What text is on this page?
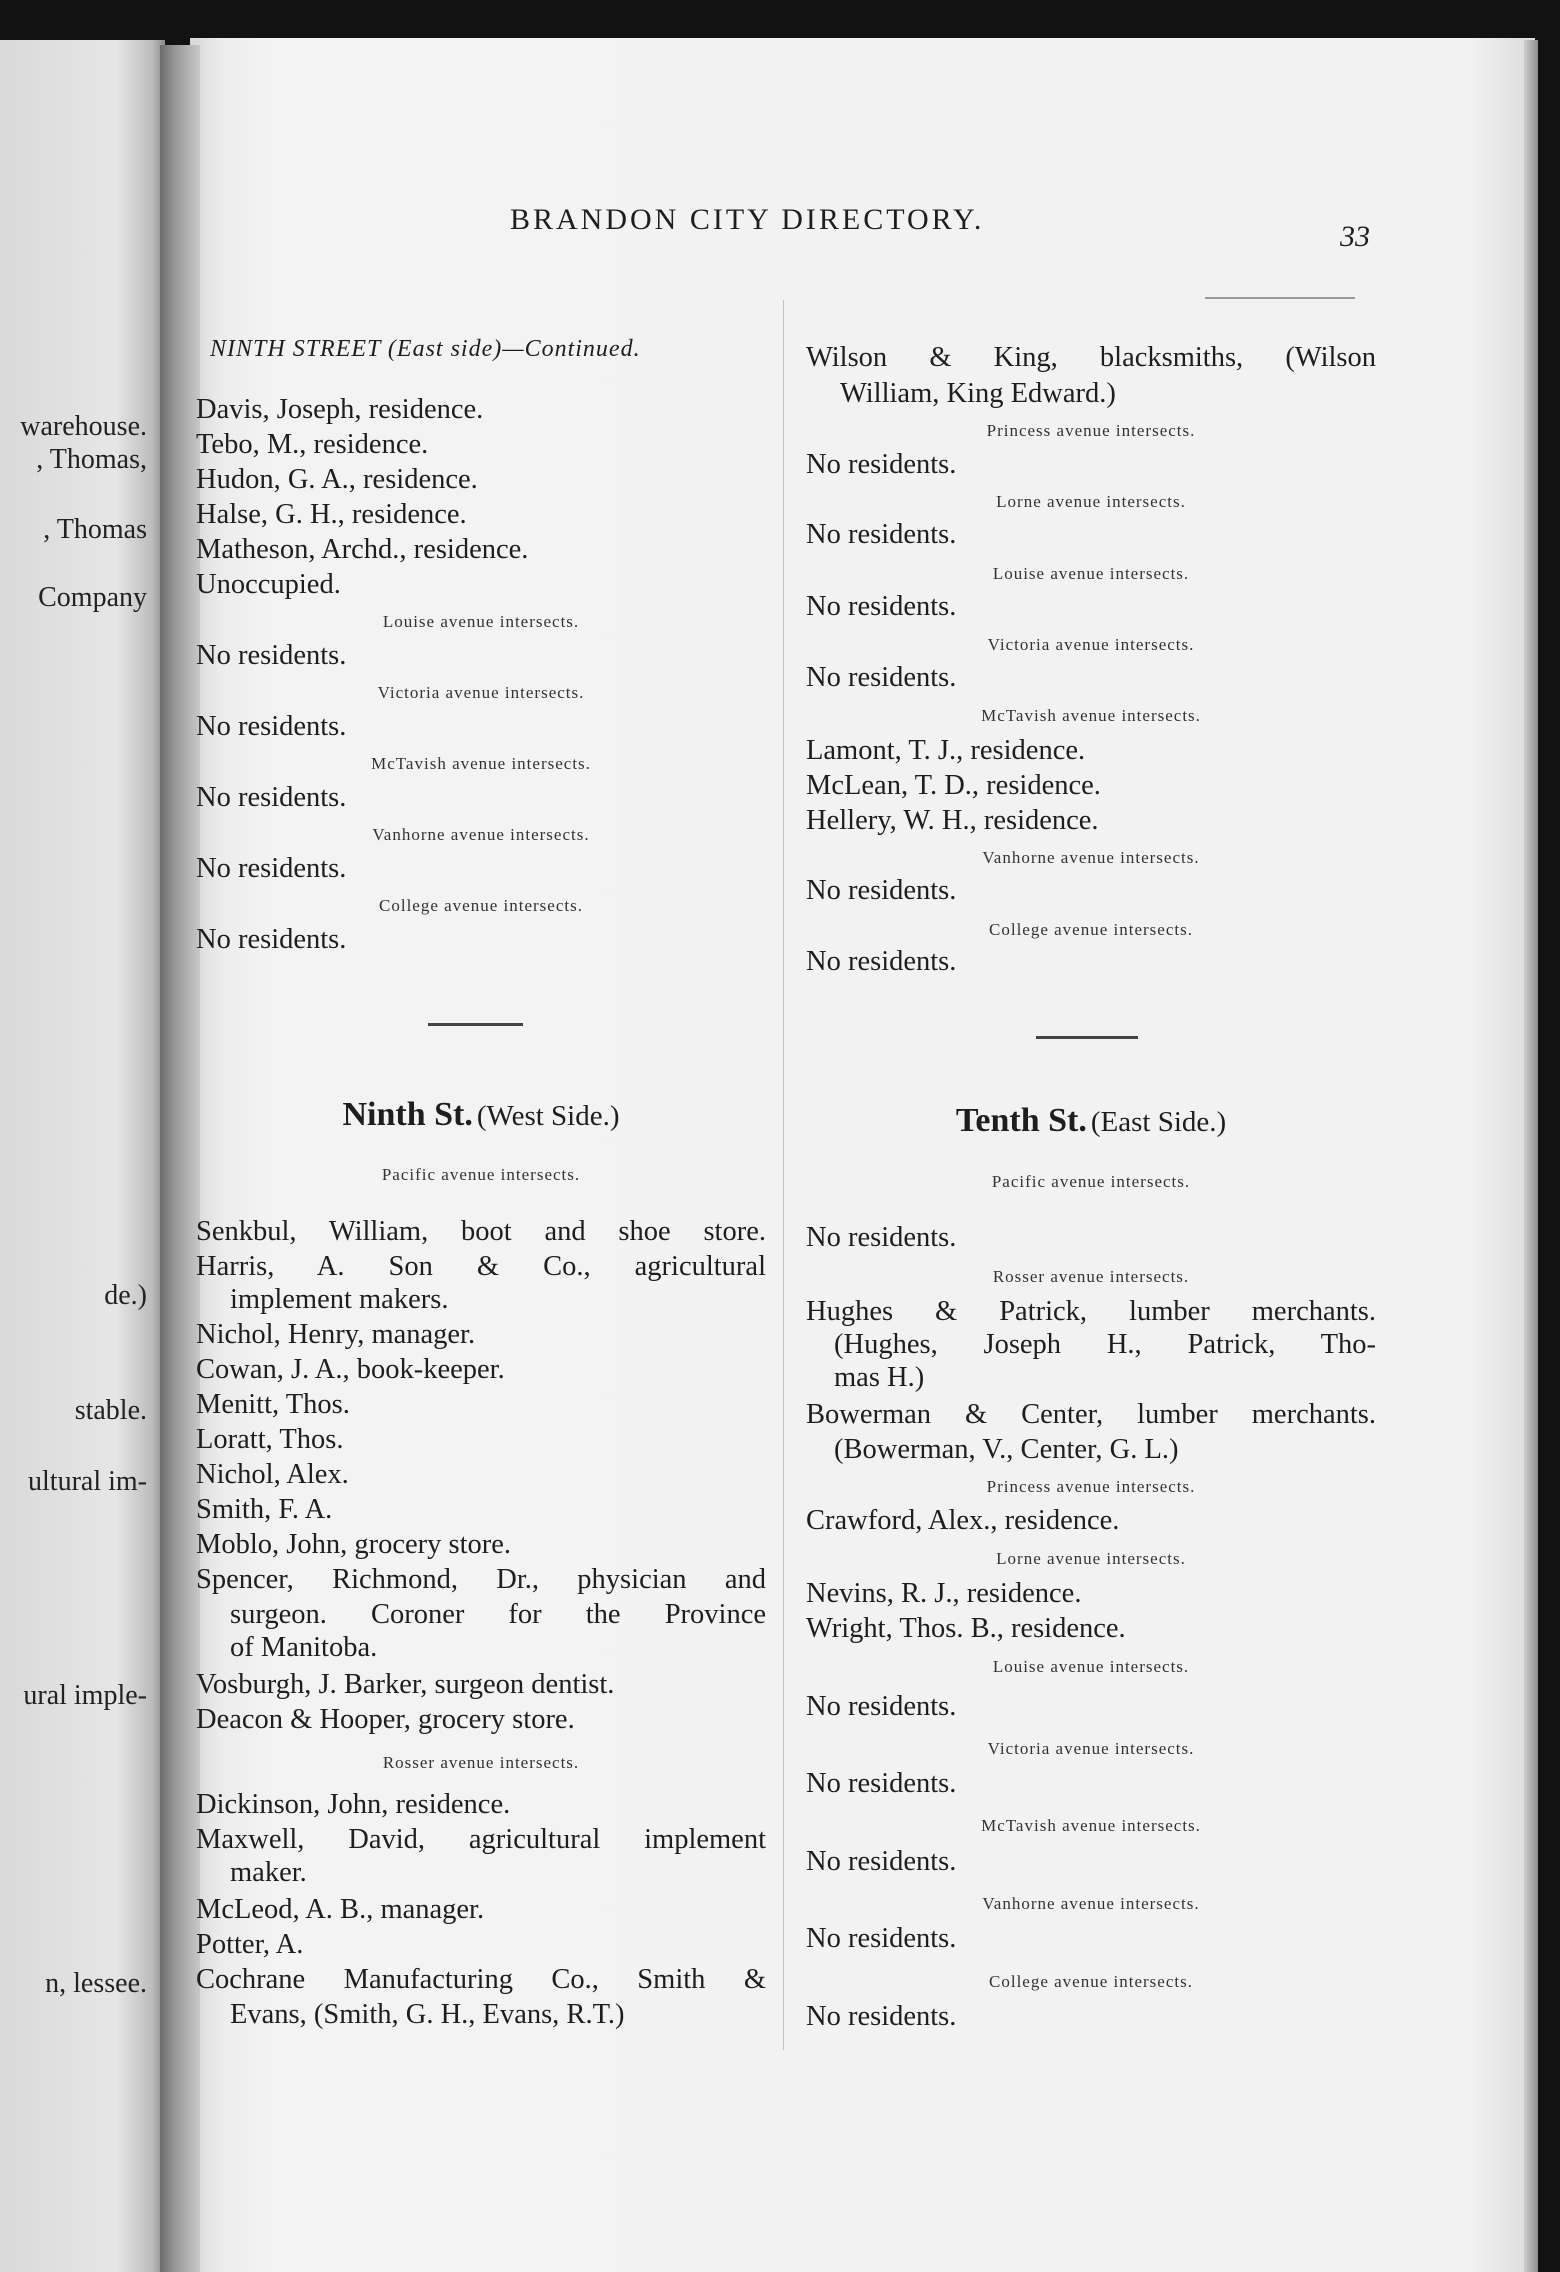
warehouse.
, Thomas,
, Thomas
Company
de.)
stable.
ultural im-
ural imple-
n, lessee.
BRANDON CITY DIRECTORY.
33
NINTH STREET (East side)—Continued.
Davis, Joseph, residence.
Tebo, M., residence.
Hudon, G. A., residence.
Halse, G. H., residence.
Matheson, Archd., residence.
Unoccupied.
Louise avenue intersects.
No residents.
Victoria avenue intersects.
No residents.
McTavish avenue intersects.
No residents.
Vanhorne avenue intersects.
No residents.
College avenue intersects.
No residents.
Ninth St. (West Side.)
Pacific avenue intersects.
Senkbul, William, boot and shoe store.
Harris, A. Son & Co., agricultural
implement makers.
Nichol, Henry, manager.
Cowan, J. A., book-keeper.
Menitt, Thos.
Loratt, Thos.
Nichol, Alex.
Smith, F. A.
Moblo, John, grocery store.
Spencer, Richmond, Dr., physician and
surgeon. Coroner for the Province
of Manitoba.
Vosburgh, J. Barker, surgeon dentist.
Deacon & Hooper, grocery store.
Rosser avenue intersects.
Dickinson, John, residence.
Maxwell, David, agricultural implement
maker.
McLeod, A. B., manager.
Potter, A.
Cochrane Manufacturing Co., Smith &
Evans, (Smith, G. H., Evans, R.T.)
Wilson & King, blacksmiths, (Wilson
William, King Edward.)
Princess avenue intersects.
No residents.
Lorne avenue intersects.
No residents.
Louise avenue intersects.
No residents.
Victoria avenue intersects.
No residents.
McTavish avenue intersects.
Lamont, T. J., residence.
McLean, T. D., residence.
Hellery, W. H., residence.
Vanhorne avenue intersects.
No residents.
College avenue intersects.
No residents.
Tenth St. (East Side.)
Pacific avenue intersects.
No residents.
Rosser avenue intersects.
Hughes & Patrick, lumber merchants.
(Hughes, Joseph H., Patrick, Tho-
mas H.)
Bowerman & Center, lumber merchants.
(Bowerman, V., Center, G. L.)
Princess avenue intersects.
Crawford, Alex., residence.
Lorne avenue intersects.
Nevins, R. J., residence.
Wright, Thos. B., residence.
Louise avenue intersects.
No residents.
Victoria avenue intersects.
No residents.
McTavish avenue intersects.
No residents.
Vanhorne avenue intersects.
No residents.
College avenue intersects.
No residents.
